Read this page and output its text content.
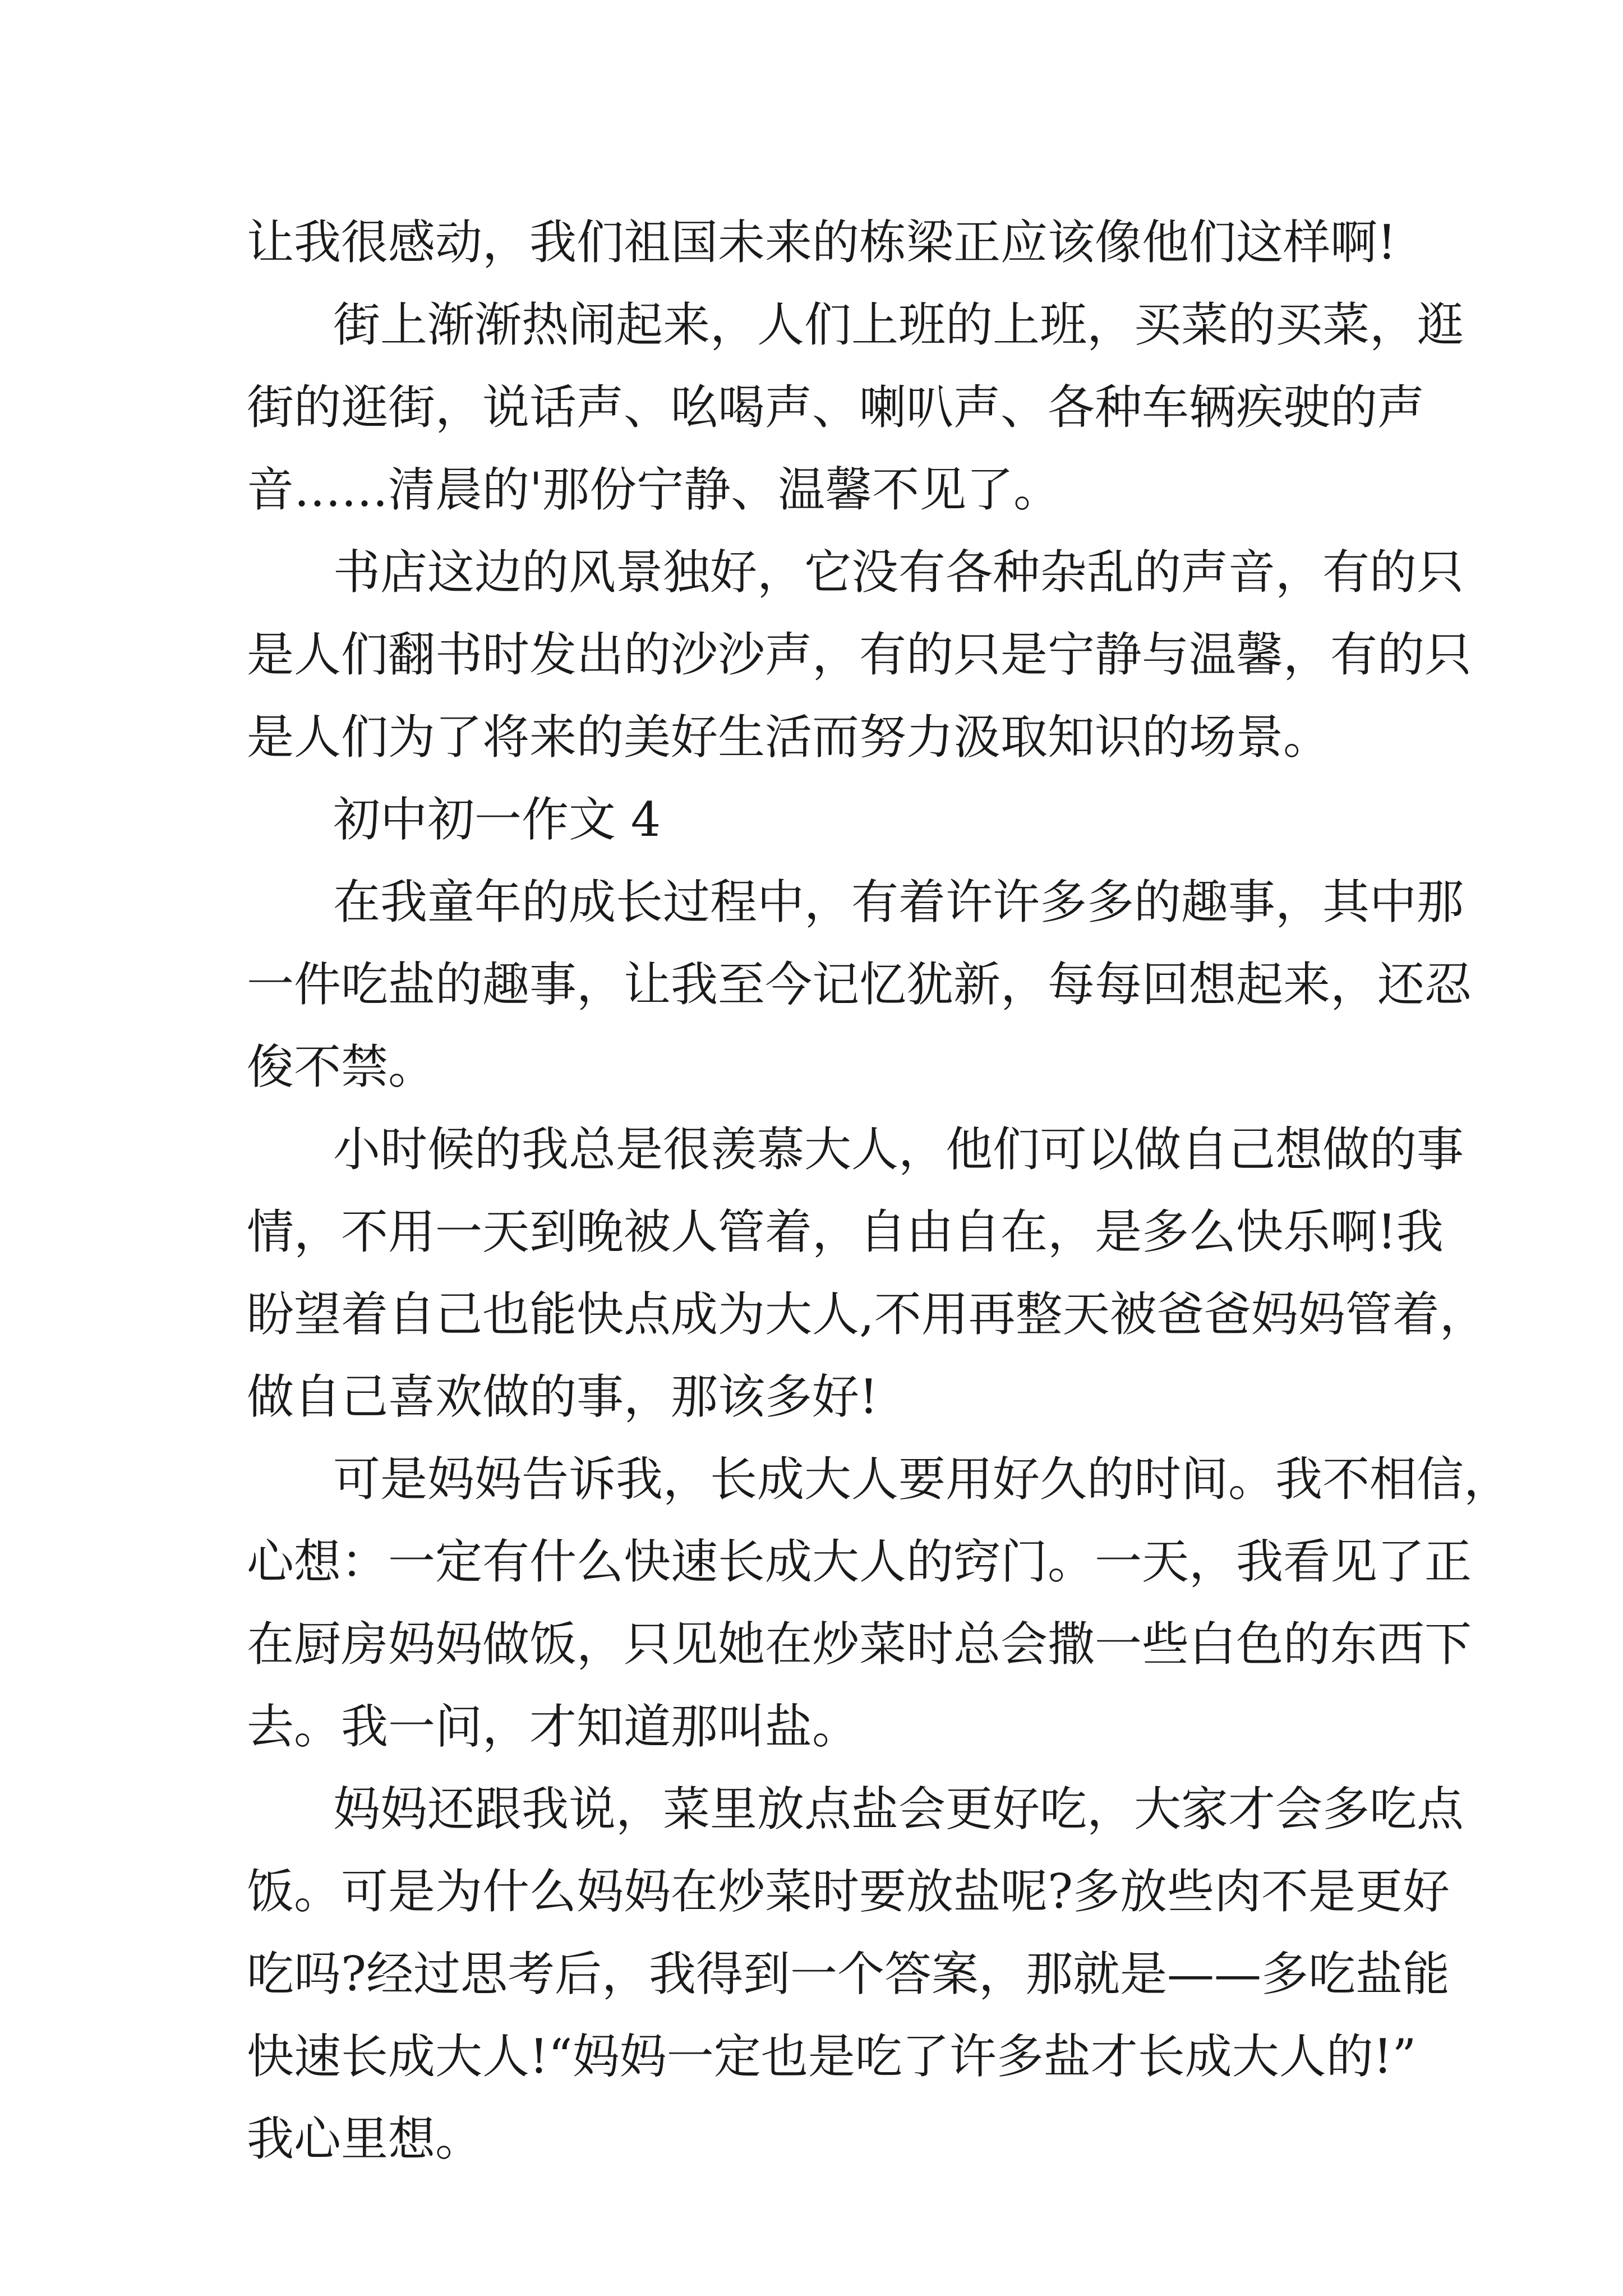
让我很感动，我们祖国未来的栋梁正应该像他们这样啊!
街上渐渐热闹起来，人们上班的上班，买菜的买菜，逛
街的逛街，说话声、吆喝声、喇叭声、各种车辆疾驶的声
音……清晨的'那份宁静、温馨不见了。
书店这边的风景独好，它没有各种杂乱的声音，有的只
是人们翻书时发出的沙沙声，有的只是宁静与温馨，有的只
是人们为了将来的美好生活而努力汲取知识的场景。
初中初一作文 4
在我童年的成长过程中，有着许许多多的趣事，其中那
一件吃盐的趣事，让我至今记忆犹新，每每回想起来，还忍
俊不禁。
小时候的我总是很羡慕大人，他们可以做自己想做的事
情，不用一天到晚被人管着，自由自在，是多么快乐啊!我
盼望着自己也能快点成为大人,不用再整天被爸爸妈妈管着，
做自己喜欢做的事，那该多好!
可是妈妈告诉我，长成大人要用好久的时间。我不相信，
心想：一定有什么快速长成大人的窍门。一天，我看见了正
在厨房妈妈做饭，只见她在炒菜时总会撒一些白色的东西下
去。我一问，才知道那叫盐。
妈妈还跟我说，菜里放点盐会更好吃，大家才会多吃点
饭。可是为什么妈妈在炒菜时要放盐呢?多放些肉不是更好
吃吗?经过思考后，我得到一个答案，那就是——多吃盐能
快速长成大人!“妈妈一定也是吃了许多盐才长成大人的!”
我心里想。
